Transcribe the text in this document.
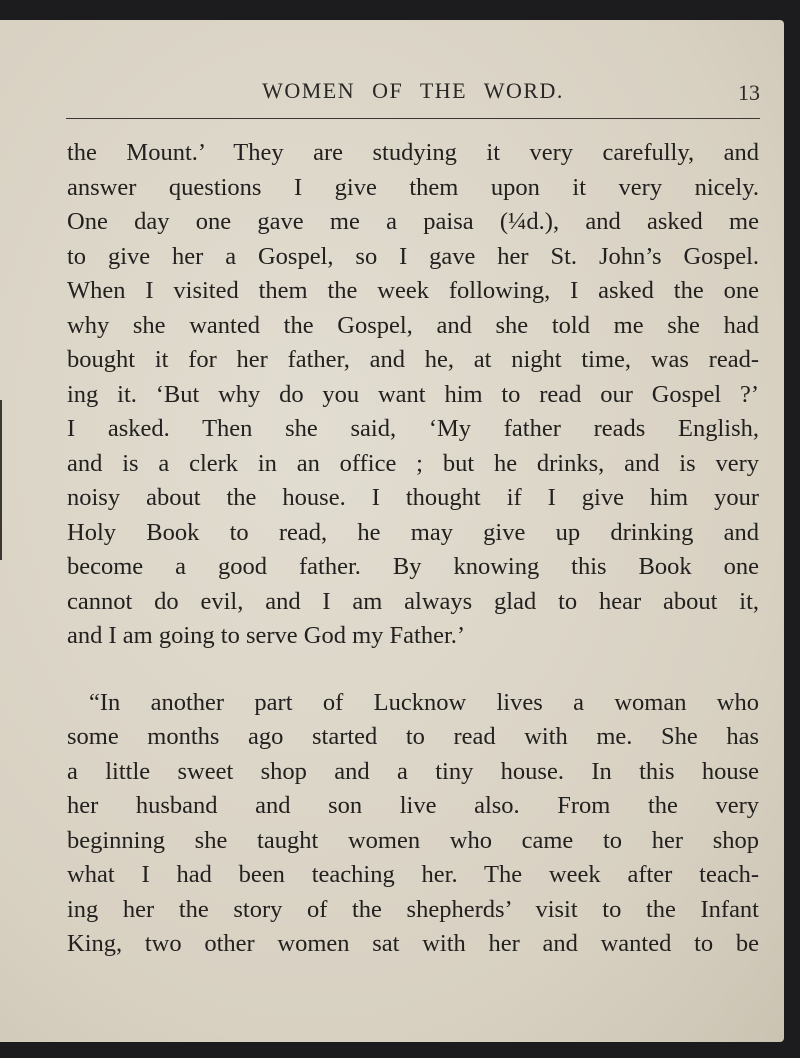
WOMEN OF THE WORD.	13
the Mount.’ They are studying it very carefully, and
answer questions I give them upon it very nicely.
One day one gave me a paisa (¼d.), and asked me
to give her a Gospel, so I gave her St. John’s Gospel.
When I visited them the week following, I asked the one
why she wanted the Gospel, and she told me she had
bought it for her father, and he, at night time, was read-
ing it. ‘But why do you want him to read our Gospel ?’
I asked. Then she said, ‘My father reads English,
and is a clerk in an office ; but he drinks, and is very
noisy about the house. I thought if I give him your
Holy Book to read, he may give up drinking and
become a good father. By knowing this Book one
cannot do evil, and I am always glad to hear about it,
and I am going to serve God my Father.’
“In another part of Lucknow lives a woman who
some months ago started to read with me. She has
a little sweet shop and a tiny house. In this house
her husband and son live also. From the very
beginning she taught women who came to her shop
what I had been teaching her. The week after teach-
ing her the story of the shepherds’ visit to the Infant
King, two other women sat with her and wanted to be
